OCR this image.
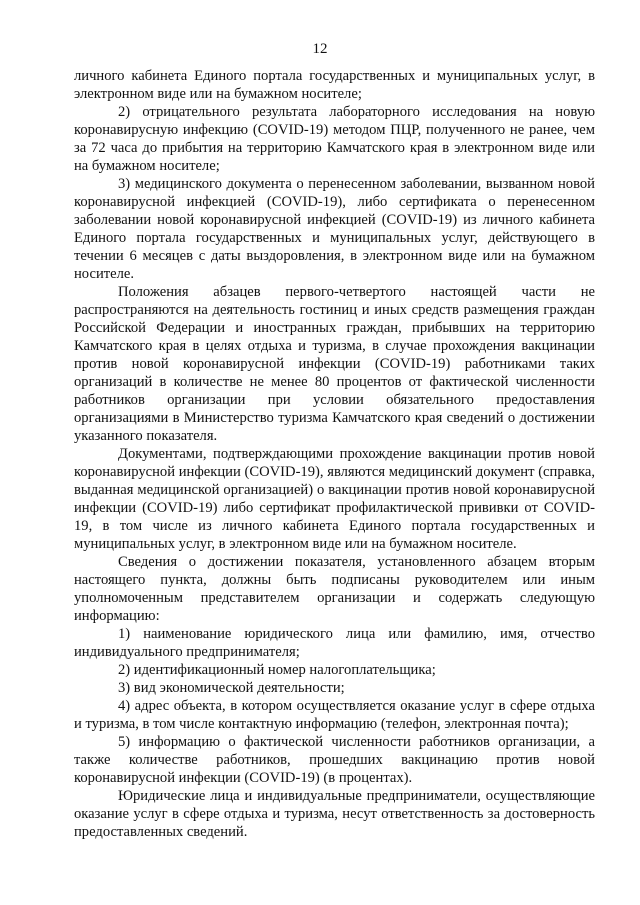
12

личного кабинета Единого портала государственных и муниципальных услуг, в электронном виде или на бумажном носителе;

2) отрицательного результата лабораторного исследования на новую коронавирусную инфекцию (COVID-19) методом ПЦР, полученного не ранее, чем за 72 часа до прибытия на территорию Камчатского края в электронном виде или на бумажном носителе;

3) медицинского документа о перенесенном заболевании, вызванном новой коронавирусной инфекцией (COVID-19), либо сертификата о перенесенном заболевании новой коронавирусной инфекцией (COVID-19) из личного кабинета Единого портала государственных и муниципальных услуг, действующего в течении 6 месяцев с даты выздоровления, в электронном виде или на бумажном носителе.

Положения абзацев первого-четвертого настоящей части не распространяются на деятельность гостиниц и иных средств размещения граждан Российской Федерации и иностранных граждан, прибывших на территорию Камчатского края в целях отдыха и туризма, в случае прохождения вакцинации против новой коронавирусной инфекции (COVID-19) работниками таких организаций в количестве не менее 80 процентов от фактической численности работников организации при условии обязательного предоставления организациями в Министерство туризма Камчатского края сведений о достижении указанного показателя.

Документами, подтверждающими прохождение вакцинации против новой коронавирусной инфекции (COVID-19), являются медицинский документ (справка, выданная медицинской организацией) о вакцинации против новой коронавирусной инфекции (COVID-19) либо сертификат профилактической прививки от COVID-19, в том числе из личного кабинета Единого портала государственных и муниципальных услуг, в электронном виде или на бумажном носителе.

Сведения о достижении показателя, установленного абзацем вторым настоящего пункта, должны быть подписаны руководителем или иным уполномоченным представителем организации и содержать следующую информацию:

1) наименование юридического лица или фамилию, имя, отчество индивидуального предпринимателя;

2) идентификационный номер налогоплательщика;

3) вид экономической деятельности;

4) адрес объекта, в котором осуществляется оказание услуг в сфере отдыха и туризма, в том числе контактную информацию (телефон, электронная почта);

5) информацию о фактической численности работников организации, а также количестве работников, прошедших вакцинацию против новой коронавирусной инфекции (COVID-19) (в процентах).

Юридические лица и индивидуальные предприниматели, осуществляющие оказание услуг в сфере отдыха и туризма, несут ответственность за достоверность предоставленных сведений.
